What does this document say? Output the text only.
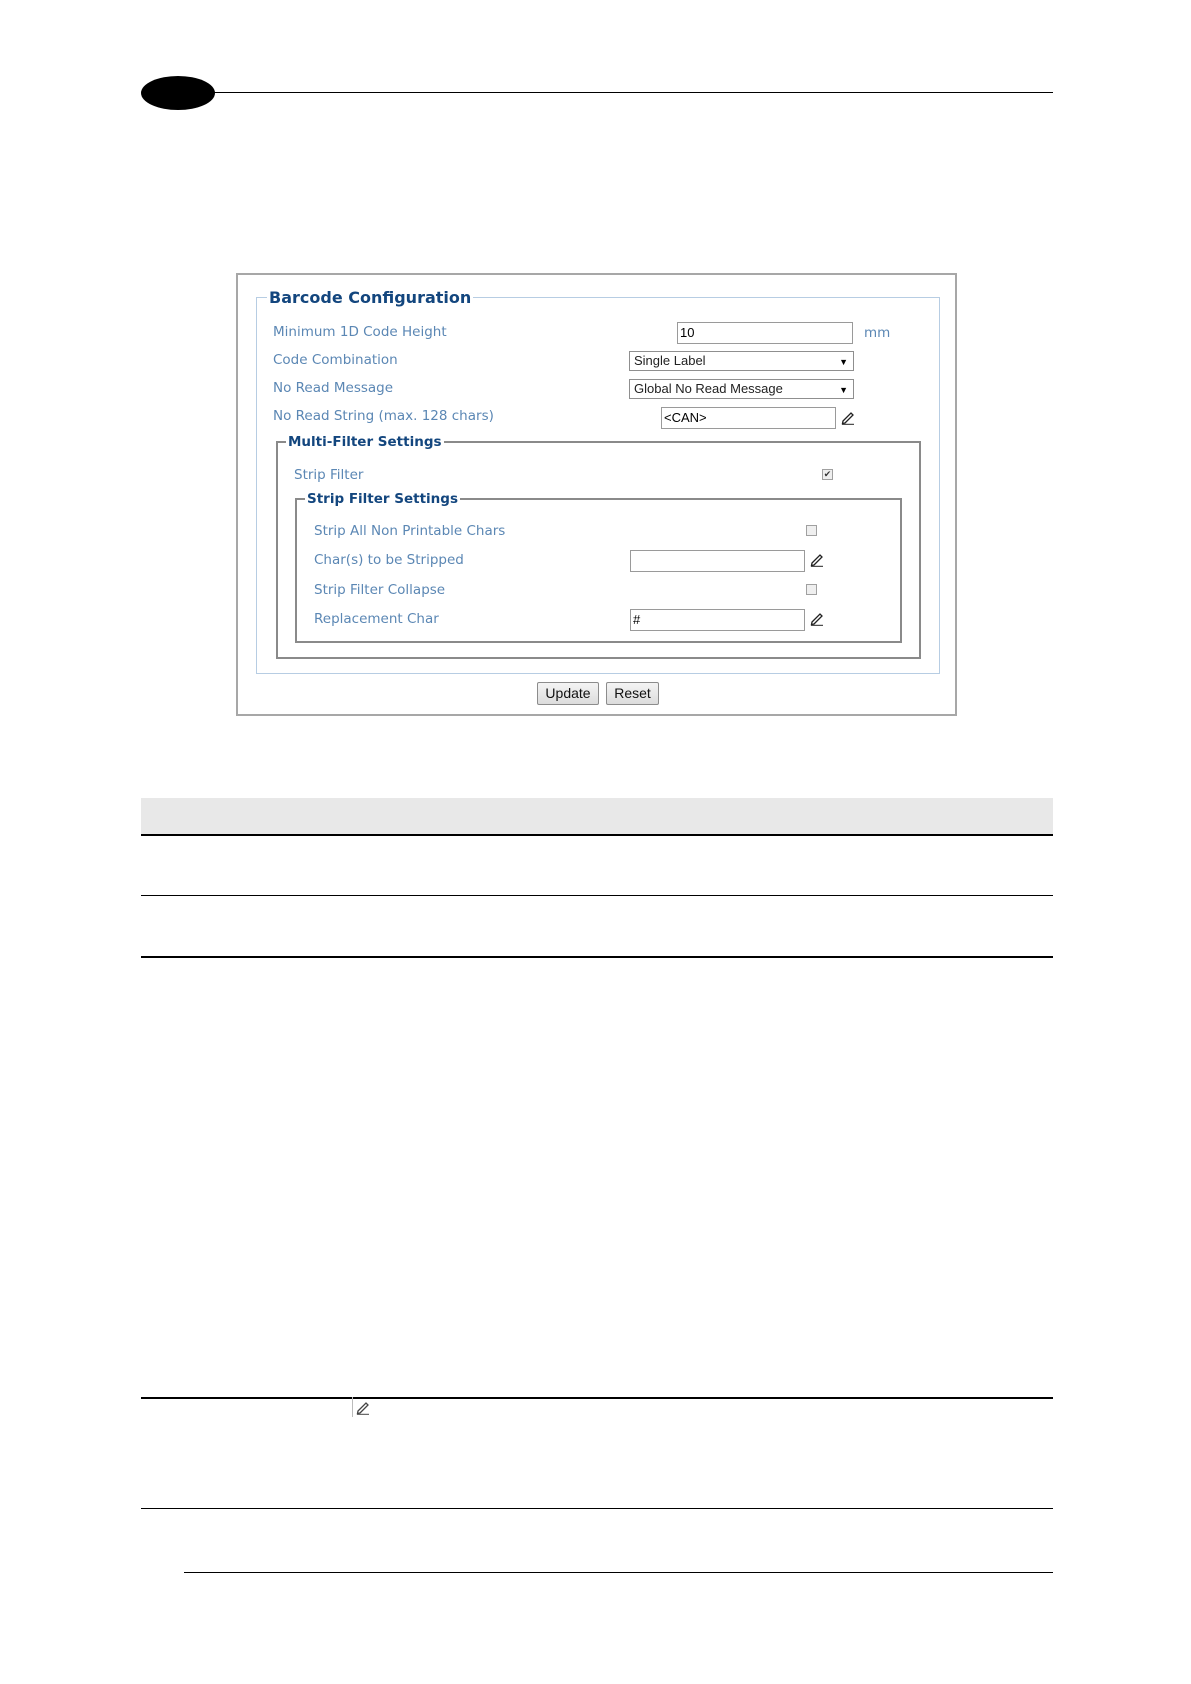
Barcode Configuration
Minimum 1D Code Height	10	mm
Code Combination	Single Label	▼
No Read Message	Global No Read Message	▼
No Read String (max. 128 chars)	<CAN>
Multi-Filter Settings
Strip Filter	✔
Strip Filter Settings
Strip All Non Printable Chars
Char(s) to be Stripped
Strip Filter Collapse
Replacement Char	#
Update	Reset
